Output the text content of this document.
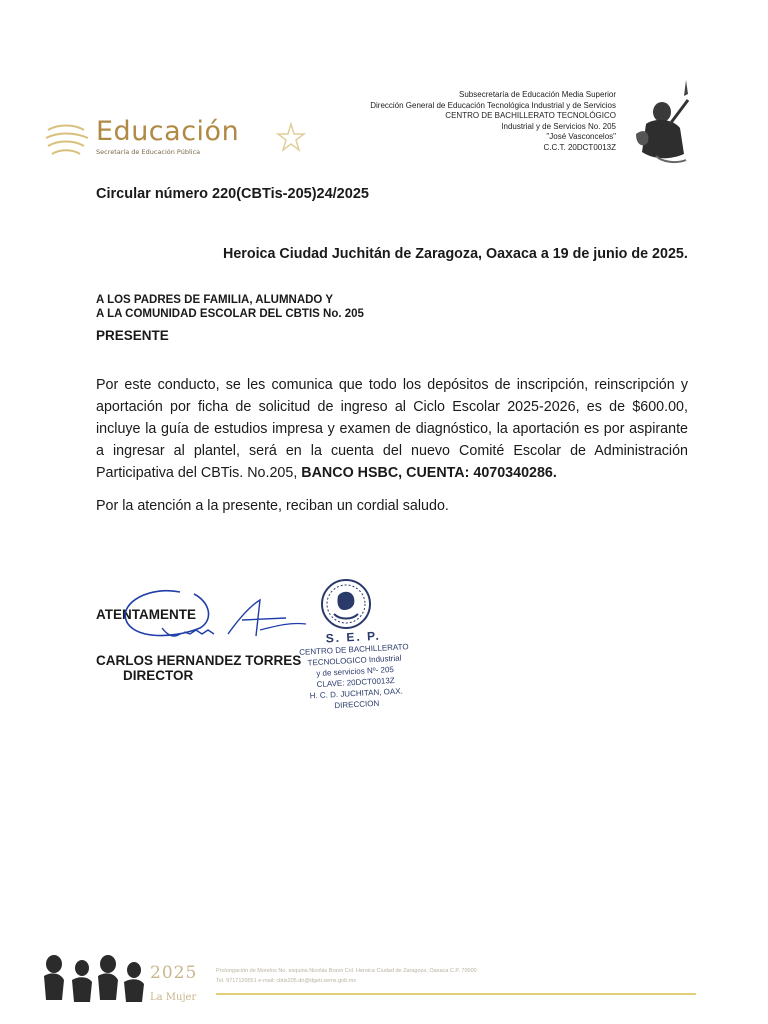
Educación
Secretaría de Educación Pública
Subsecretaría de Educación Media Superior
Dirección General de Educación Tecnológica Industrial y de Servicios
CENTRO DE BACHILLERATO TECNOLÓGICO
Industrial y de Servicios No. 205
"José Vasconcelos"
C.C.T. 20DCT0013Z
Circular número 220(CBTis-205)24/2025
Heroica Ciudad Juchitán de Zaragoza, Oaxaca a 19 de junio de 2025.
A LOS PADRES DE FAMILIA, ALUMNADO Y
A LA COMUNIDAD ESCOLAR DEL CBTIS No. 205
PRESENTE
Por este conducto, se les comunica que todo los depósitos de inscripción, reinscripción y aportación por ficha de solicitud de ingreso al Ciclo Escolar 2025-2026, es de $600.00, incluye la guía de estudios impresa y examen de diagnóstico, la aportación es por aspirante a ingresar al plantel, será en la cuenta del nuevo Comité Escolar de Administración Participativa del CBTis. No.205, BANCO HSBC, CUENTA: 4070340286.
Por la atención a la presente, reciban un cordial saludo.
ATENTAMENTE
CARLOS HERNANDEZ TORRES
DIRECTOR
S. E. P.
CENTRO DE BACHILLERATO
TECNOLOGICO Industrial
y de servicios Nº- 205
CLAVE: 20DCT0013Z
H. C. D. JUCHITAN, OAX.
DIRECCION
2025
La Mujer
Prolongación de Morelos No. esquina Nicolás Bravo Col. Heroica Ciudad de Zaragoza, Oaxaca C.P. 70000
Tel. 9717120551 e-mail: cbtis205.dir@dgeti.sems.gob.mx
